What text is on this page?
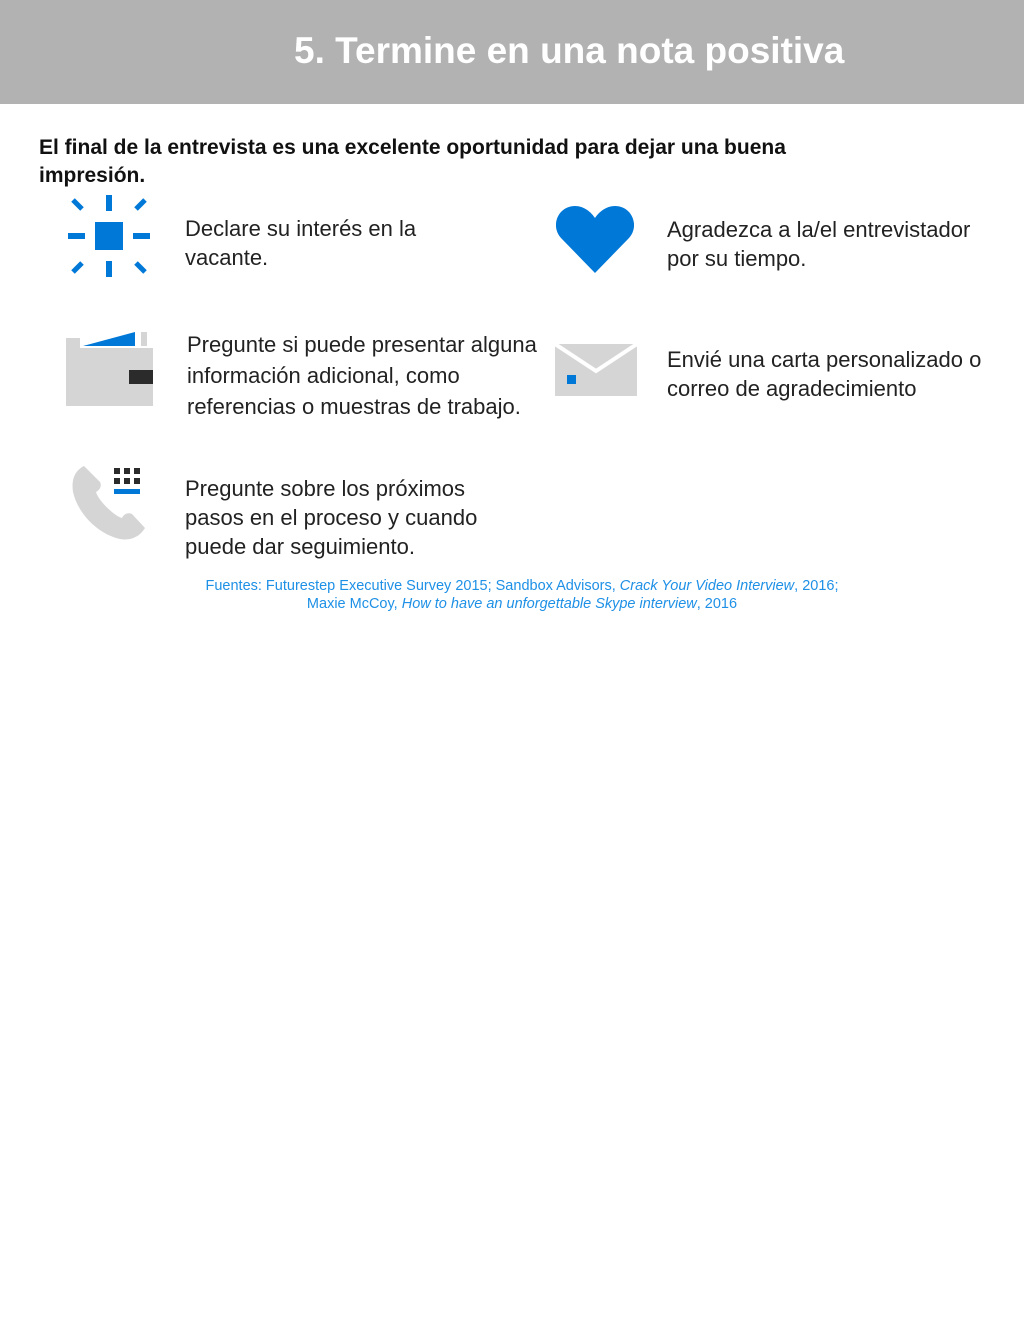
5. Termine en una nota positiva
El final de la entrevista es una excelente oportunidad para dejar una buena impresión.
Declare su interés en la vacante.
Agradezca a la/el entrevistador por su tiempo.
Pregunte si puede presentar alguna información adicional, como referencias o muestras de trabajo.
Envié una carta personalizado o correo de agradecimiento
Pregunte sobre los próximos pasos en el proceso y cuando puede dar seguimiento.
Fuentes: Futurestep Executive Survey 2015; Sandbox Advisors, Crack Your Video Interview, 2016;
Maxie McCoy, How to have an unforgettable Skype interview, 2016
